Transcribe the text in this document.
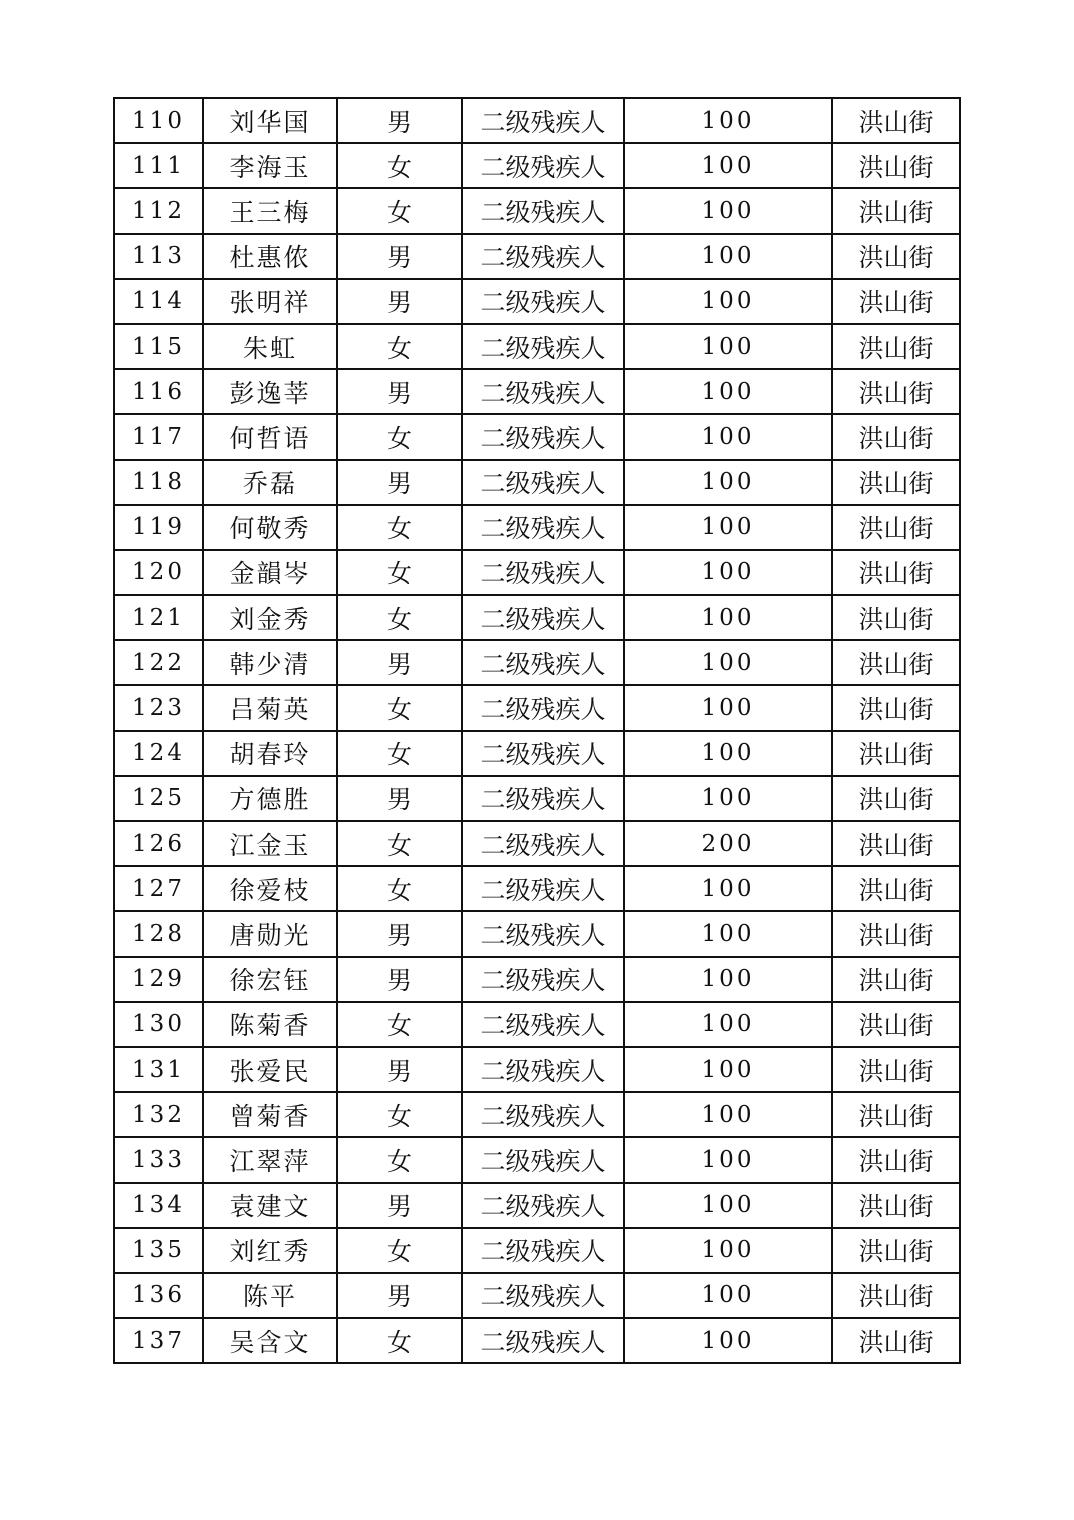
110	刘华国	男	二级残疾人	100	洪山街
111	李海玉	女	二级残疾人	100	洪山街
112	王三梅	女	二级残疾人	100	洪山街
113	杜惠侬	男	二级残疾人	100	洪山街
114	张明祥	男	二级残疾人	100	洪山街
115	朱虹	女	二级残疾人	100	洪山街
116	彭逸莘	男	二级残疾人	100	洪山街
117	何哲语	女	二级残疾人	100	洪山街
118	乔磊	男	二级残疾人	100	洪山街
119	何敬秀	女	二级残疾人	100	洪山街
120	金韻岑	女	二级残疾人	100	洪山街
121	刘金秀	女	二级残疾人	100	洪山街
122	韩少清	男	二级残疾人	100	洪山街
123	吕菊英	女	二级残疾人	100	洪山街
124	胡春玲	女	二级残疾人	100	洪山街
125	方德胜	男	二级残疾人	100	洪山街
126	江金玉	女	二级残疾人	200	洪山街
127	徐爱枝	女	二级残疾人	100	洪山街
128	唐勋光	男	二级残疾人	100	洪山街
129	徐宏钰	男	二级残疾人	100	洪山街
130	陈菊香	女	二级残疾人	100	洪山街
131	张爱民	男	二级残疾人	100	洪山街
132	曾菊香	女	二级残疾人	100	洪山街
133	江翠萍	女	二级残疾人	100	洪山街
134	袁建文	男	二级残疾人	100	洪山街
135	刘红秀	女	二级残疾人	100	洪山街
136	陈平	男	二级残疾人	100	洪山街
137	吴含文	女	二级残疾人	100	洪山街
